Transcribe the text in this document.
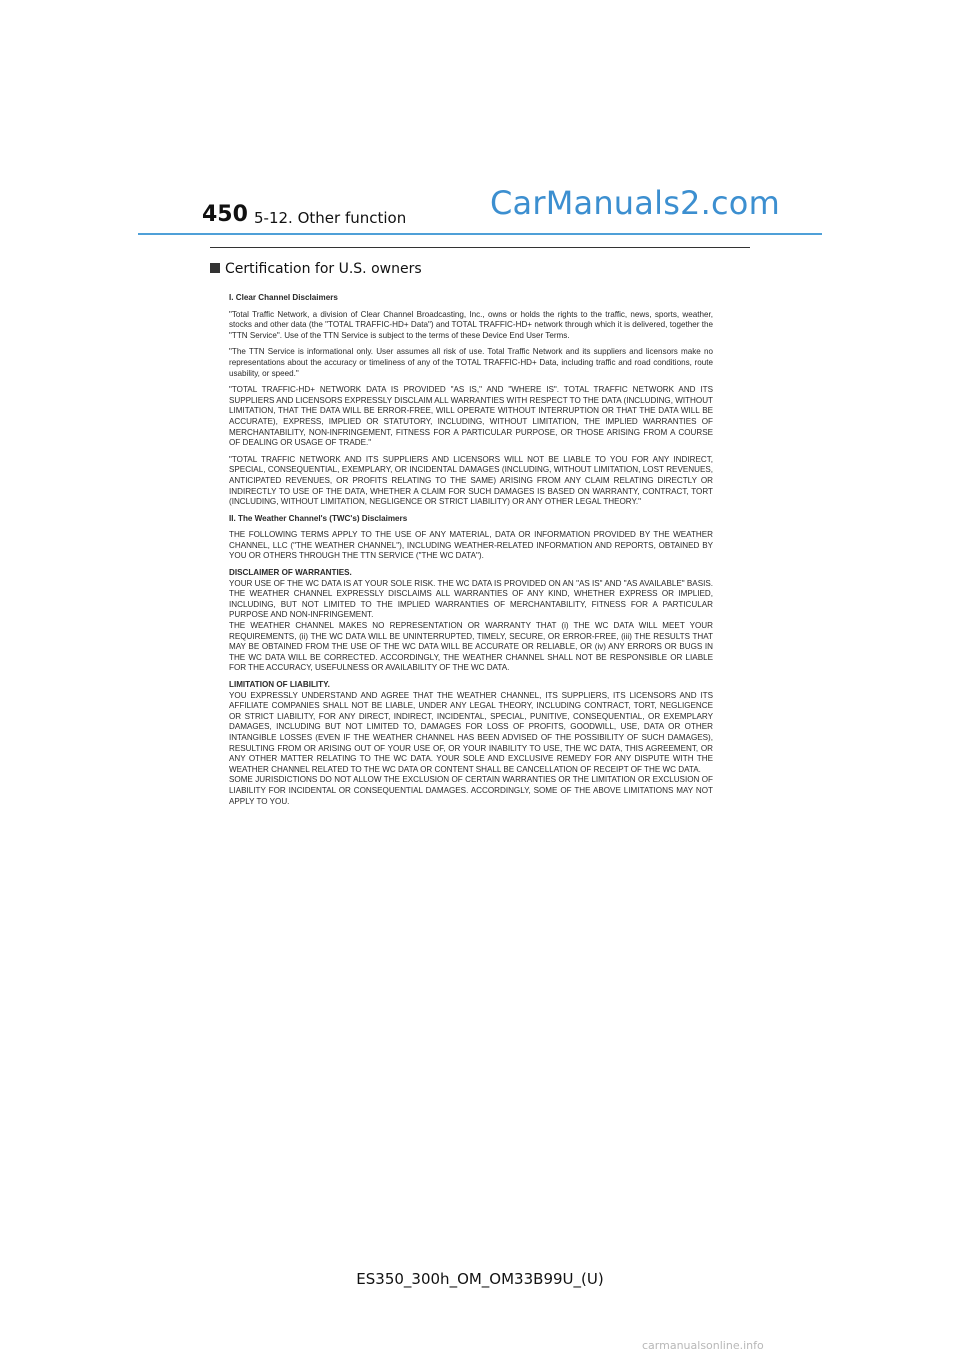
450 5-12. Other function	CarManuals2.com
Certification for U.S. owners

I. Clear Channel Disclaimers

"Total Traffic Network, a division of Clear Channel Broadcasting, Inc., owns or holds the rights to the traffic, news, sports, weather, stocks and other data (the "TOTAL TRAFFIC-HD+ Data") and TOTAL TRAFFIC-HD+ network through which it is delivered, together the "TTN Service". Use of the TTN Service is subject to the terms of these Device End User Terms.

"The TTN Service is informational only. User assumes all risk of use. Total Traffic Network and its suppliers and licensors make no representations about the accuracy or timeliness of any of the TOTAL TRAFFIC-HD+ Data, including traffic and road conditions, route usability, or speed."

"TOTAL TRAFFIC-HD+ NETWORK DATA IS PROVIDED "AS IS," AND "WHERE IS". TOTAL TRAFFIC NETWORK AND ITS SUPPLIERS AND LICENSORS EXPRESSLY DISCLAIM ALL WARRANTIES WITH RESPECT TO THE DATA (INCLUDING, WITHOUT LIMITATION, THAT THE DATA WILL BE ERROR-FREE, WILL OPERATE WITHOUT INTERRUPTION OR THAT THE DATA WILL BE ACCURATE), EXPRESS, IMPLIED OR STATUTORY, INCLUDING, WITHOUT LIMITATION, THE IMPLIED WARRANTIES OF MERCHANTABILITY, NON-INFRINGEMENT, FITNESS FOR A PARTICULAR PURPOSE, OR THOSE ARISING FROM A COURSE OF DEALING OR USAGE OF TRADE."

"TOTAL TRAFFIC NETWORK AND ITS SUPPLIERS AND LICENSORS WILL NOT BE LIABLE TO YOU FOR ANY INDIRECT, SPECIAL, CONSEQUENTIAL, EXEMPLARY, OR INCIDENTAL DAMAGES (INCLUDING, WITHOUT LIMITATION, LOST REVENUES, ANTICIPATED REVENUES, OR PROFITS RELATING TO THE SAME) ARISING FROM ANY CLAIM RELATING DIRECTLY OR INDIRECTLY TO USE OF THE DATA, WHETHER A CLAIM FOR SUCH DAMAGES IS BASED ON WARRANTY, CONTRACT, TORT (INCLUDING, WITHOUT LIMITATION, NEGLIGENCE OR STRICT LIABILITY) OR ANY OTHER LEGAL THEORY."

II. The Weather Channel's (TWC's) Disclaimers

THE FOLLOWING TERMS APPLY TO THE USE OF ANY MATERIAL, DATA OR INFORMATION PROVIDED BY THE WEATHER CHANNEL, LLC ("THE WEATHER CHANNEL"), INCLUDING WEATHER-RELATED INFORMATION AND REPORTS, OBTAINED BY YOU OR OTHERS THROUGH THE TTN SERVICE ("THE WC DATA").

DISCLAIMER OF WARRANTIES.
YOUR USE OF THE WC DATA IS AT YOUR SOLE RISK. THE WC DATA IS PROVIDED ON AN "AS IS" AND "AS AVAILABLE" BASIS. THE WEATHER CHANNEL EXPRESSLY DISCLAIMS ALL WARRANTIES OF ANY KIND, WHETHER EXPRESS OR IMPLIED, INCLUDING, BUT NOT LIMITED TO THE IMPLIED WARRANTIES OF MERCHANTABILITY, FITNESS FOR A PARTICULAR PURPOSE AND NON-INFRINGEMENT.
THE WEATHER CHANNEL MAKES NO REPRESENTATION OR WARRANTY THAT (i) THE WC DATA WILL MEET YOUR REQUIREMENTS, (ii) THE WC DATA WILL BE UNINTERRUPTED, TIMELY, SECURE, OR ERROR-FREE, (iii) THE RESULTS THAT MAY BE OBTAINED FROM THE USE OF THE WC DATA WILL BE ACCURATE OR RELIABLE, OR (iv) ANY ERRORS OR BUGS IN THE WC DATA WILL BE CORRECTED. ACCORDINGLY, THE WEATHER CHANNEL SHALL NOT BE RESPONSIBLE OR LIABLE FOR THE ACCURACY, USEFULNESS OR AVAILABILITY OF THE WC DATA.
LIMITATION OF LIABILITY.
YOU EXPRESSLY UNDERSTAND AND AGREE THAT THE WEATHER CHANNEL, ITS SUPPLIERS, ITS LICENSORS AND ITS AFFILIATE COMPANIES SHALL NOT BE LIABLE, UNDER ANY LEGAL THEORY, INCLUDING CONTRACT, TORT, NEGLIGENCE OR STRICT LIABILITY, FOR ANY DIRECT, INDIRECT, INCIDENTAL, SPECIAL, PUNITIVE, CONSEQUENTIAL, OR EXEMPLARY DAMAGES, INCLUDING BUT NOT LIMITED TO, DAMAGES FOR LOSS OF PROFITS, GOODWILL, USE, DATA OR OTHER INTANGIBLE LOSSES (EVEN IF THE WEATHER CHANNEL HAS BEEN ADVISED OF THE POSSIBILITY OF SUCH DAMAGES), RESULTING FROM OR ARISING OUT OF YOUR USE OF, OR YOUR INABILITY TO USE, THE WC DATA, THIS AGREEMENT, OR ANY OTHER MATTER RELATING TO THE WC DATA. YOUR SOLE AND EXCLUSIVE REMEDY FOR ANY DISPUTE WITH THE WEATHER CHANNEL RELATED TO THE WC DATA OR CONTENT SHALL BE CANCELLATION OF RECEIPT OF THE WC DATA.
SOME JURISDICTIONS DO NOT ALLOW THE EXCLUSION OF CERTAIN WARRANTIES OR THE LIMITATION OR EXCLUSION OF LIABILITY FOR INCIDENTAL OR CONSEQUENTIAL DAMAGES. ACCORDINGLY, SOME OF THE ABOVE LIMITATIONS MAY NOT APPLY TO YOU.
ES350_300h_OM_OM33B99U_(U)
carmanualsonline.info
